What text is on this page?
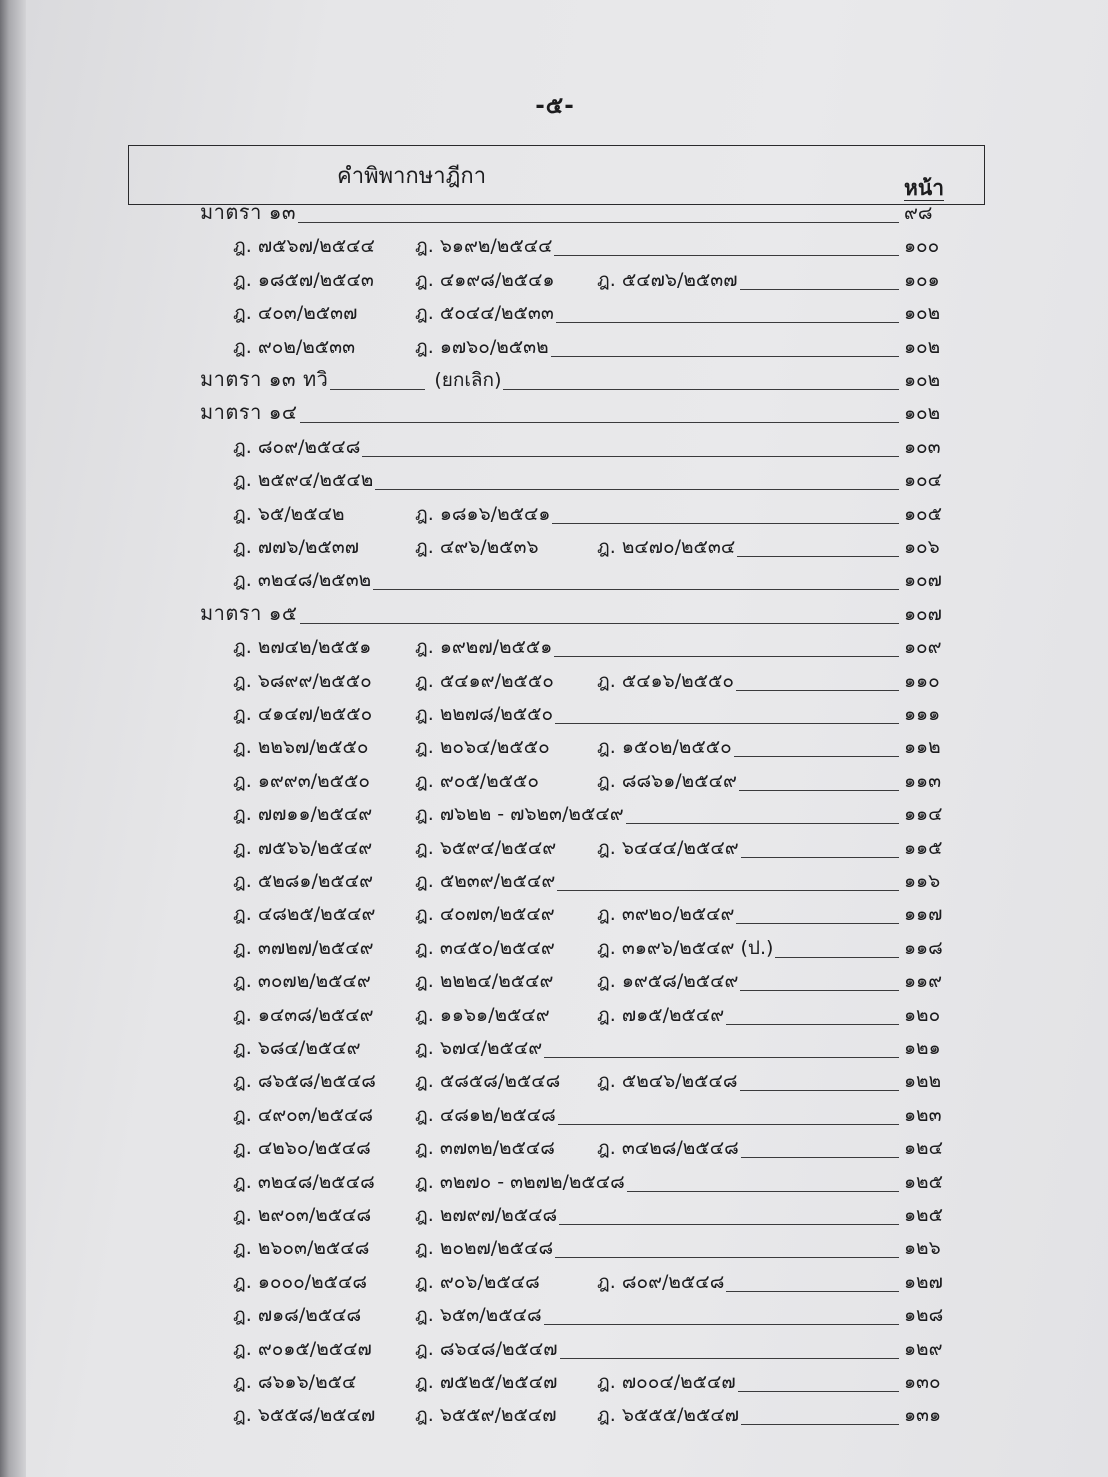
-๕-
คำพิพากษาฎีกา	หน้า
มาตรา ๑๓	๙๘
ฎ. ๗๕๖๗/๒๕๔๔	ฎ. ๖๑๙๒/๒๕๔๔	๑๐๐
ฎ. ๑๘๕๗/๒๕๔๓	ฎ. ๔๑๙๘/๒๕๔๑	ฎ. ๕๔๗๖/๒๕๓๗	๑๐๑
ฎ. ๔๐๓/๒๕๓๗	ฎ. ๕๐๔๔/๒๕๓๓	๑๐๒
ฎ. ๙๐๒/๒๕๓๓	ฎ. ๑๗๖๐/๒๕๓๒	๑๐๒
มาตรา ๑๓ ทวิ	(ยกเลิก)	๑๐๒
มาตรา ๑๔	๑๐๒
ฎ. ๘๐๙/๒๕๔๘	๑๐๓
ฎ. ๒๕๙๔/๒๕๔๒	๑๐๔
ฎ. ๖๕/๒๕๔๒	ฎ. ๑๘๑๖/๒๕๔๑	๑๐๕
ฎ. ๗๗๖/๒๕๓๗	ฎ. ๔๙๖/๒๕๓๖	ฎ. ๒๔๗๐/๒๕๓๔	๑๐๖
ฎ. ๓๒๔๘/๒๕๓๒	๑๐๗
มาตรา ๑๕	๑๐๗
ฎ. ๒๗๔๒/๒๕๕๑	ฎ. ๑๙๒๗/๒๕๕๑	๑๐๙
ฎ. ๖๘๙๙/๒๕๕๐	ฎ. ๕๔๑๙/๒๕๕๐	ฎ. ๕๔๑๖/๒๕๕๐	๑๑๐
ฎ. ๔๑๔๗/๒๕๕๐	ฎ. ๒๒๗๘/๒๕๕๐	๑๑๑
ฎ. ๒๒๖๗/๒๕๕๐	ฎ. ๒๐๖๔/๒๕๕๐	ฎ. ๑๕๐๒/๒๕๕๐	๑๑๒
ฎ. ๑๙๙๓/๒๕๕๐	ฎ. ๙๐๕/๒๕๕๐	ฎ. ๘๘๖๑/๒๕๔๙	๑๑๓
ฎ. ๗๗๑๑/๒๕๔๙	ฎ. ๗๖๒๒ - ๗๖๒๓/๒๕๔๙	๑๑๔
ฎ. ๗๕๖๖/๒๕๔๙	ฎ. ๖๕๙๔/๒๕๔๙	ฎ. ๖๔๔๔/๒๕๔๙	๑๑๕
ฎ. ๕๒๘๑/๒๕๔๙	ฎ. ๕๒๓๙/๒๕๔๙	๑๑๖
ฎ. ๔๘๒๕/๒๕๔๙	ฎ. ๔๐๗๓/๒๕๔๙	ฎ. ๓๙๒๐/๒๕๔๙	๑๑๗
ฎ. ๓๗๒๗/๒๕๔๙	ฎ. ๓๔๕๐/๒๕๔๙	ฎ. ๓๑๙๖/๒๕๔๙ (ป.)	๑๑๘
ฎ. ๓๐๗๒/๒๕๔๙	ฎ. ๒๒๒๔/๒๕๔๙	ฎ. ๑๙๕๘/๒๕๔๙	๑๑๙
ฎ. ๑๔๓๘/๒๕๔๙	ฎ. ๑๑๖๑/๒๕๔๙	ฎ. ๗๑๕/๒๕๔๙	๑๒๐
ฎ. ๖๘๔/๒๕๔๙	ฎ. ๖๗๔/๒๕๔๙	๑๒๑
ฎ. ๘๖๕๘/๒๕๔๘	ฎ. ๕๘๕๘/๒๕๔๘	ฎ. ๕๒๔๖/๒๕๔๘	๑๒๒
ฎ. ๔๙๐๓/๒๕๔๘	ฎ. ๔๘๑๒/๒๕๔๘	๑๒๓
ฎ. ๔๒๖๐/๒๕๔๘	ฎ. ๓๗๓๒/๒๕๔๘	ฎ. ๓๔๒๘/๒๕๔๘	๑๒๔
ฎ. ๓๒๔๘/๒๕๔๘	ฎ. ๓๒๗๐ - ๓๒๗๒/๒๕๔๘	๑๒๕
ฎ. ๒๙๐๓/๒๕๔๘	ฎ. ๒๗๙๗/๒๕๔๘	๑๒๕
ฎ. ๒๖๐๓/๒๕๔๘	ฎ. ๒๐๒๗/๒๕๔๘	๑๒๖
ฎ. ๑๐๐๐/๒๕๔๘	ฎ. ๙๐๖/๒๕๔๘	ฎ. ๘๐๙/๒๕๔๘	๑๒๗
ฎ. ๗๑๘/๒๕๔๘	ฎ. ๖๕๓/๒๕๔๘	๑๒๘
ฎ. ๙๐๑๕/๒๕๔๗	ฎ. ๘๖๔๘/๒๕๔๗	๑๒๙
ฎ. ๘๖๑๖/๒๕๔	ฎ. ๗๕๒๕/๒๕๔๗	ฎ. ๗๐๐๔/๒๕๔๗	๑๓๐
ฎ. ๖๕๕๘/๒๕๔๗	ฎ. ๖๕๕๙/๒๕๔๗	ฎ. ๖๕๕๕/๒๕๔๗	๑๓๑
